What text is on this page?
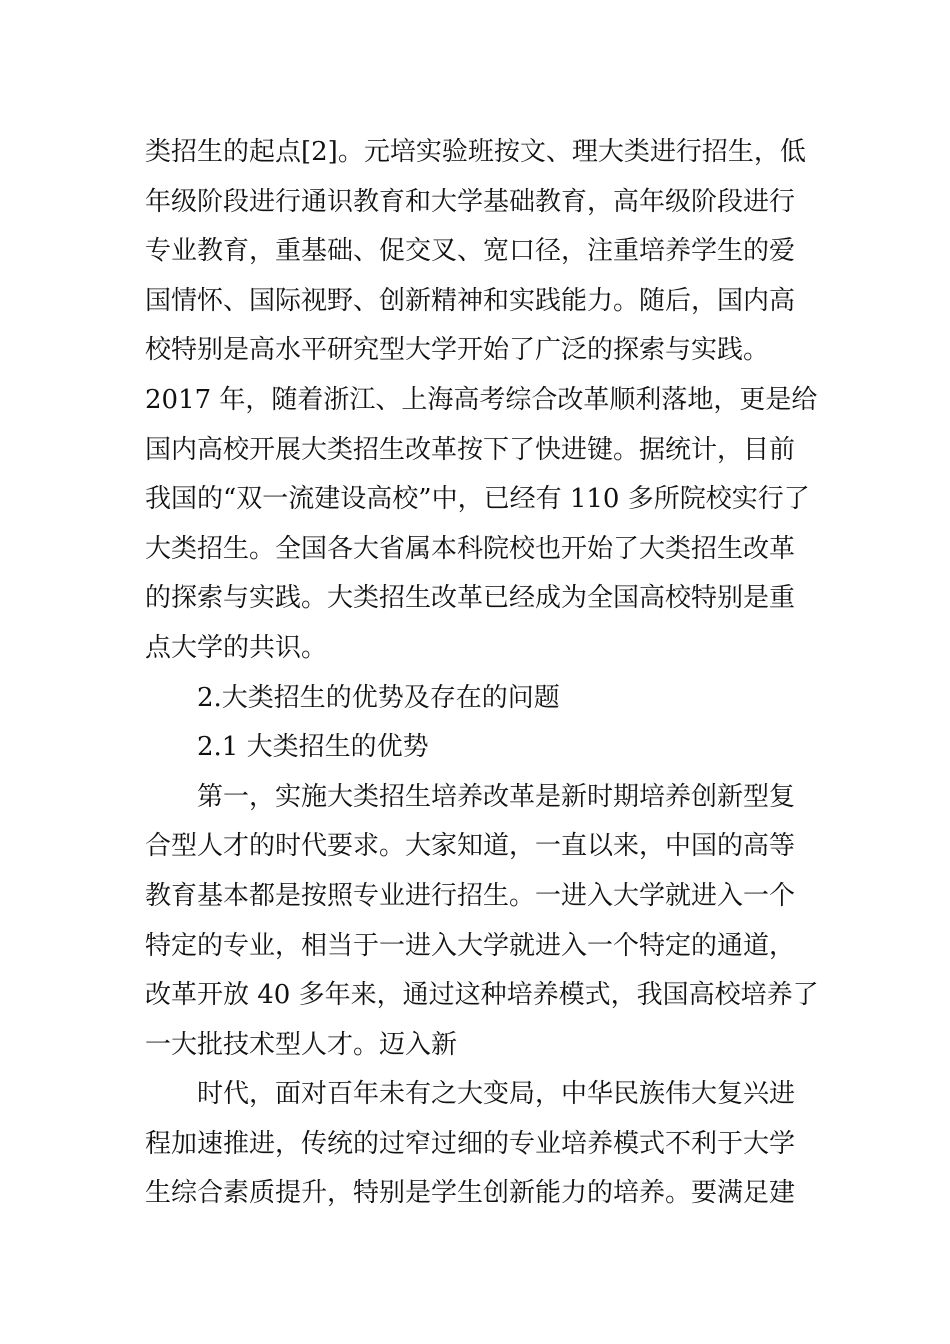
类招生的起点[2]。元培实验班按文、理大类进行招生，低
年级阶段进行通识教育和大学基础教育，高年级阶段进行
专业教育，重基础、促交叉、宽口径，注重培养学生的爱
国情怀、国际视野、创新精神和实践能力。随后，国内高
校特别是高水平研究型大学开始了广泛的探索与实践。
2017 年，随着浙江、上海高考综合改革顺利落地，更是给
国内高校开展大类招生改革按下了快进键。据统计，目前
我国的“双一流建设高校”中，已经有 110 多所院校实行了
大类招生。全国各大省属本科院校也开始了大类招生改革
的探索与实践。大类招生改革已经成为全国高校特别是重
点大学的共识。
2.大类招生的优势及存在的问题
2.1 大类招生的优势
第一，实施大类招生培养改革是新时期培养创新型复
合型人才的时代要求。大家知道，一直以来，中国的高等
教育基本都是按照专业进行招生。一进入大学就进入一个
特定的专业，相当于一进入大学就进入一个特定的通道，
改革开放 40 多年来，通过这种培养模式，我国高校培养了
一大批技术型人才。迈入新
时代，面对百年未有之大变局，中华民族伟大复兴进
程加速推进，传统的过窄过细的专业培养模式不利于大学
生综合素质提升，特别是学生创新能力的培养。要满足建
